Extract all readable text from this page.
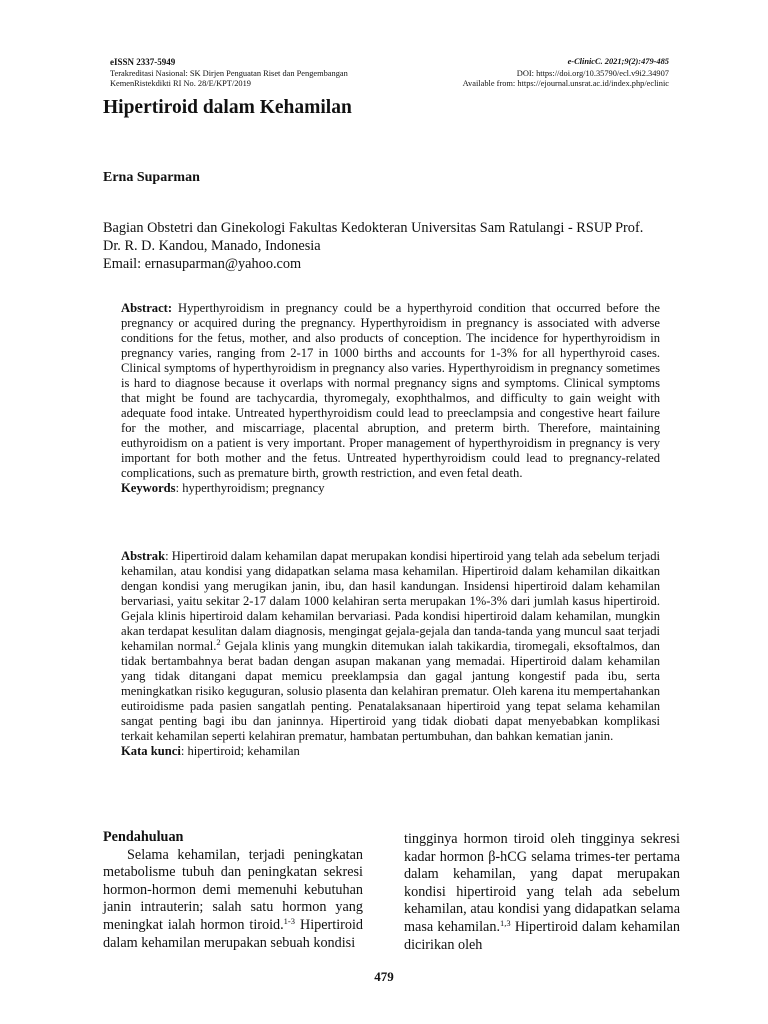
eISSN 2337-5949
Terakreditasi Nasional: SK Dirjen Penguatan Riset dan Pengembangan
KemenRistekdikti RI No. 28/E/KPT/2019
e-ClinicC. 2021;9(2):479-485
DOI: https://doi.org/10.35790/ecl.v9i2.34907
Available from: https://ejournal.unsrat.ac.id/index.php/eclinic
Hipertiroid dalam Kehamilan
Erna Suparman
Bagian Obstetri dan Ginekologi Fakultas Kedokteran Universitas Sam Ratulangi - RSUP Prof.
Dr. R. D. Kandou, Manado, Indonesia
Email: ernasuparman@yahoo.com

Abstract: Hyperthyroidism in pregnancy could be a hyperthyroid condition that occurred before the pregnancy or acquired during the pregnancy. Hyperthyroidism in pregnancy is associated with adverse conditions for the fetus, mother, and also products of conception. The incidence for hyperthyroidism in pregnancy varies, ranging from 2-17 in 1000 births and accounts for 1-3% for all hyperthyroid cases. Clinical symptoms of hyperthyroidism in pregnancy also varies. Hyperthyroidism in pregnancy sometimes is hard to diagnose because it overlaps with normal pregnancy signs and symptoms. Clinical symptoms that might be found are tachycardia, thyromegaly, exophthalmos, and difficulty to gain weight with adequate food intake. Untreated hyperthyroidism could lead to preeclampsia and congestive heart failure for the mother, and miscarriage, placental abruption, and preterm birth. Therefore, maintaining euthyroidism on a patient is very important. Proper management of hyperthyroidism in pregnancy is very important for both mother and the fetus. Untreated hyperthyroidism could lead to pregnancy-related complications, such as premature birth, growth restriction, and even fetal death.

Keywords: hyperthyroidism; pregnancy

Abstrak: Hipertiroid dalam kehamilan dapat merupakan kondisi hipertiroid yang telah ada sebelum terjadi kehamilan, atau kondisi yang didapatkan selama masa kehamilan. Hipertiroid dalam kehamilan dikaitkan dengan kondisi yang merugikan janin, ibu, dan hasil kandungan. Insidensi hipertiroid dalam kehamilan bervariasi, yaitu sekitar 2-17 dalam 1000 kelahiran serta merupakan 1%-3% dari jumlah kasus hipertiroid. Gejala klinis hipertiroid dalam kehamilan bervariasi. Pada kondisi hipertiroid dalam kehamilan, mungkin akan terdapat kesulitan dalam diagnosis, mengingat gejala-gejala dan tanda-tanda yang muncul saat terjadi kehamilan normal.$^2$ Gejala klinis yang mungkin ditemukan ialah takikardia, tiromegali, eksoftalmos, dan tidak bertambahnya berat badan dengan asupan makanan yang memadai. Hipertiroid dalam kehamilan yang tidak ditangani dapat memicu preeklampsia dan gagal jantung kongestif pada ibu, serta meningkatkan risiko keguguran, solusio plasenta dan kelahiran prematur. Oleh karena itu mempertahankan eutiroidisme pada pasien sangatlah penting. Penatalaksanaan hipertiroid yang tepat selama kehamilan sangat penting bagi ibu dan janinnya. Hipertiroid yang tidak diobati dapat menyebabkan komplikasi terkait kehamilan seperti kelahiran prematur, hambatan pertumbuhan, dan bahkan kematian janin.

Kata kunci: hipertiroid; kehamilan

Pendahuluan

Selama kehamilan, terjadi peningkatan metabolisme tubuh dan peningkatan sekresi hormon-hormon demi memenuhi kebutuhan janin intrauterin; salah satu hormon yang meningkat ialah hormon tiroid.$^{1-3}$ Hipertiroid dalam kehamilan merupakan sebuah kondisi

tingginya hormon tiroid oleh tingginya sekresi kadar hormon β-hCG selama trimes-ter pertama dalam kehamilan, yang dapat merupakan kondisi hipertiroid yang telah ada sebelum kehamilan, atau kondisi yang didapatkan selama masa kehamilan.$^{1,3}$ Hipertiroid dalam kehamilan dicirikan oleh

479
